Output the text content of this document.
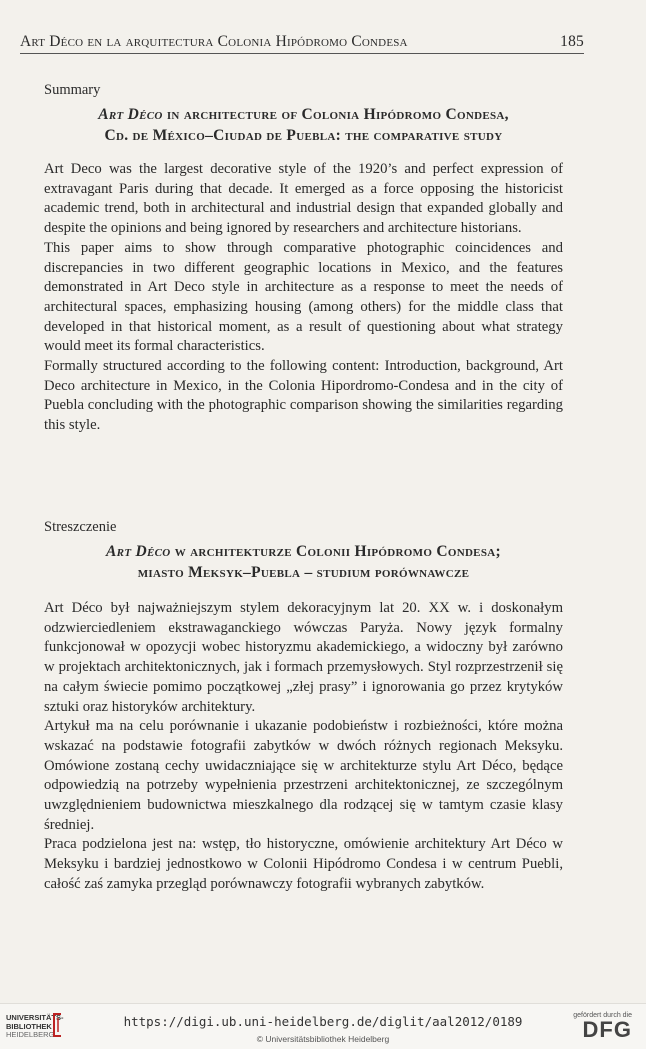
Art Déco en la arquitectura Colonia Hipódromo Condesa	185
Summary
Art Déco in architecture of Colonia Hipódromo Condesa,
Cd. de México–Ciudad de Puebla: the comparative study

Art Deco was the largest decorative style of the 1920’s and perfect expression of extravagant Paris during that decade. It emerged as a force opposing the historicist academic trend, both in architectural and industrial design that expanded globally and despite the opinions and being ignored by researchers and architecture historians.

This paper aims to show through comparative photographic coincidences and discrepancies in two different geographic locations in Mexico, and the features demonstrated in Art Deco style in architecture as a response to meet the needs of architectural spaces, emphasizing housing (among others) for the middle class that developed in that historical moment, as a result of questioning about what strategy would meet its formal characteristics.

Formally structured according to the following content: Introduction, background, Art Deco architecture in Mexico, in the Colonia Hipordromo-Condesa and in the city of Puebla concluding with the photographic comparison showing the similarities regarding this style.

Streszczenie
Art Déco w architekturze Colonii Hipódromo Condesa;
miasto Meksyk–Puebla – studium porównawcze

Art Déco był najważniejszym stylem dekoracyjnym lat 20. XX w. i doskonałym odzwierciedleniem ekstrawaganckiego wówczas Paryża. Nowy język formalny funkcjonował w opozycji wobec historyzmu akademickiego, a widoczny był zarówno w projektach architektonicznych, jak i formach przemysłowych. Styl rozprzestrzenił się na całym świecie pomimo początkowej „złej prasy” i ignorowania go przez krytyków sztuki oraz historyków architektury.

Artykuł ma na celu porównanie i ukazanie podobieństw i rozbieżności, które można wskazać na podstawie fotografii zabytków w dwóch różnych regionach Meksyku. Omówione zostaną cechy uwidaczniające się w architekturze stylu Art Déco, będące odpowiedzią na potrzeby wypełnienia przestrzeni architektonicznej, ze szczególnym uwzględnieniem budownictwa mieszkalnego dla rodzącej się w tamtym czasie klasy średniej.

Praca podzielona jest na: wstęp, tło historyczne, omówienie architektury Art Déco w Meksyku i bardziej jednostkowo w Colonii Hipódromo Condesa i w centrum Puebli, całość zaś zamyka przegląd porównawczy fotografii wybranych zabytków.

UNIVERSITÄTS-
BIBLIOTHEK
HEIDELBERG
https://digi.ub.uni-heidelberg.de/diglit/aal2012/0189
© Universitätsbibliothek Heidelberg
gefördert durch die
DFG
